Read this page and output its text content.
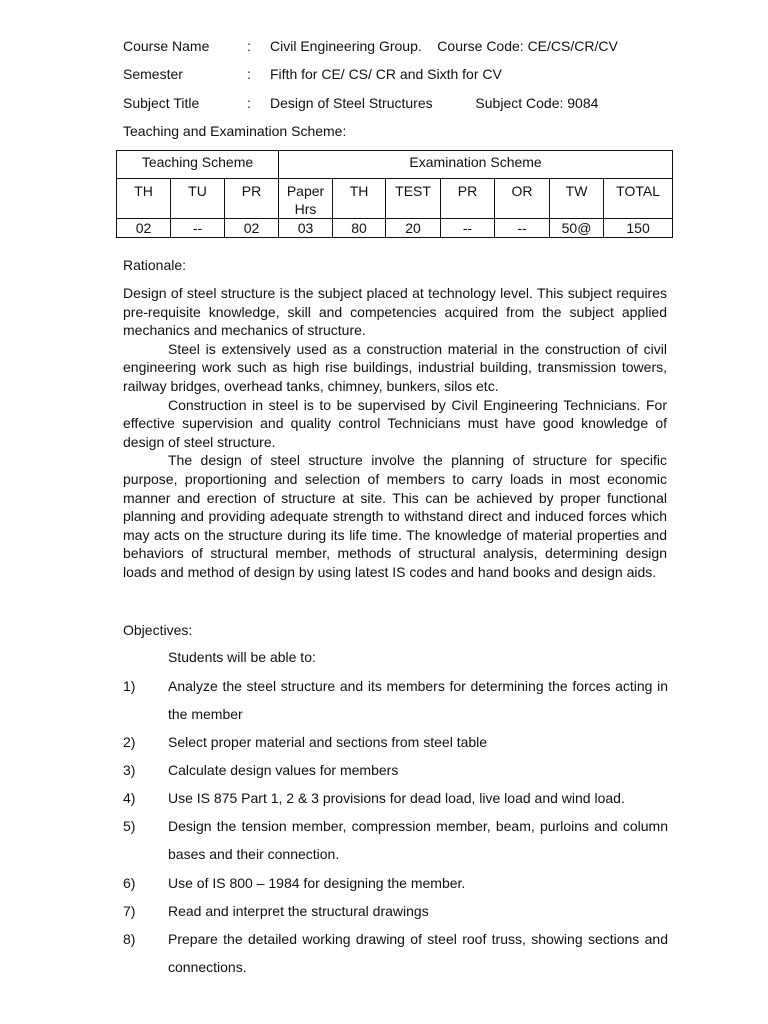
Course Name	: Civil Engineering Group.    Course Code: CE/CS/CR/CV
Semester	: Fifth for CE/ CS/ CR and Sixth for CV
Subject Title	: Design of Steel Structures           Subject Code: 9084
Teaching and Examination Scheme:
Teaching Scheme			Examination Scheme						
TH	TU	PR	Paper Hrs	TH	TEST	PR	OR	TW	TOTAL
02	--	02	03	80	20	--	--	50@	150
Rationale:

Design of steel structure is the subject placed at technology level. This subject requires pre-requisite knowledge, skill and competencies acquired from the subject applied mechanics and mechanics of structure.

Steel is extensively used as a construction material in the construction of civil engineering work such as high rise buildings, industrial building, transmission towers, railway bridges, overhead tanks, chimney, bunkers, silos etc.

Construction in steel is to be supervised by Civil Engineering Technicians. For effective supervision and quality control Technicians must have good knowledge of design of steel structure.

The design of steel structure involve the planning of structure for specific purpose, proportioning and selection of members to carry loads in most economic manner and erection of structure at site. This can be achieved by proper functional planning and providing adequate strength to withstand direct and induced forces which may acts on the structure during its life time. The knowledge of material properties and behaviors of structural member, methods of structural analysis, determining design loads and method of design by using latest IS codes and hand books and design aids.

Objectives:
Students will be able to:
1) Analyze the steel structure and its members for determining the forces acting in the member
2) Select proper material and sections from steel table
3) Calculate design values for members
4) Use IS 875 Part 1, 2 & 3 provisions for dead load, live load and wind load.
5) Design the tension member, compression member, beam, purloins and column bases and their connection.
6) Use of IS 800 – 1984 for designing the member.
7) Read and interpret the structural drawings
8) Prepare the detailed working drawing of steel roof truss, showing sections and connections.
